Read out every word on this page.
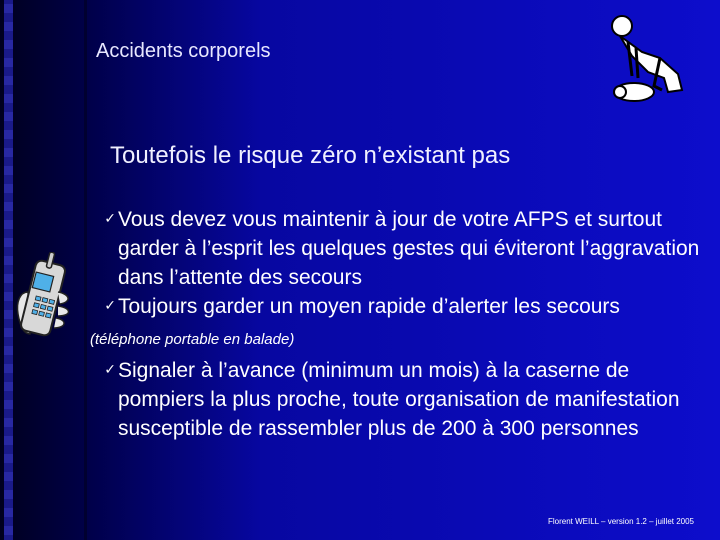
Accidents corporels
Toutefois le risque zéro n’existant pas
✓ Vous devez vous maintenir à jour de votre AFPS et surtout garder à l’esprit les quelques gestes qui éviteront l’aggravation dans l’attente des secours
✓ Toujours garder un moyen rapide d’alerter les secours
(téléphone portable en balade)
✓ Signaler à l’avance (minimum un mois) à la caserne de pompiers la plus proche, toute organisation de manifestation susceptible de rassembler plus de 200 à 300 personnes
Florent WEILL – version 1.2 – juillet 2005
